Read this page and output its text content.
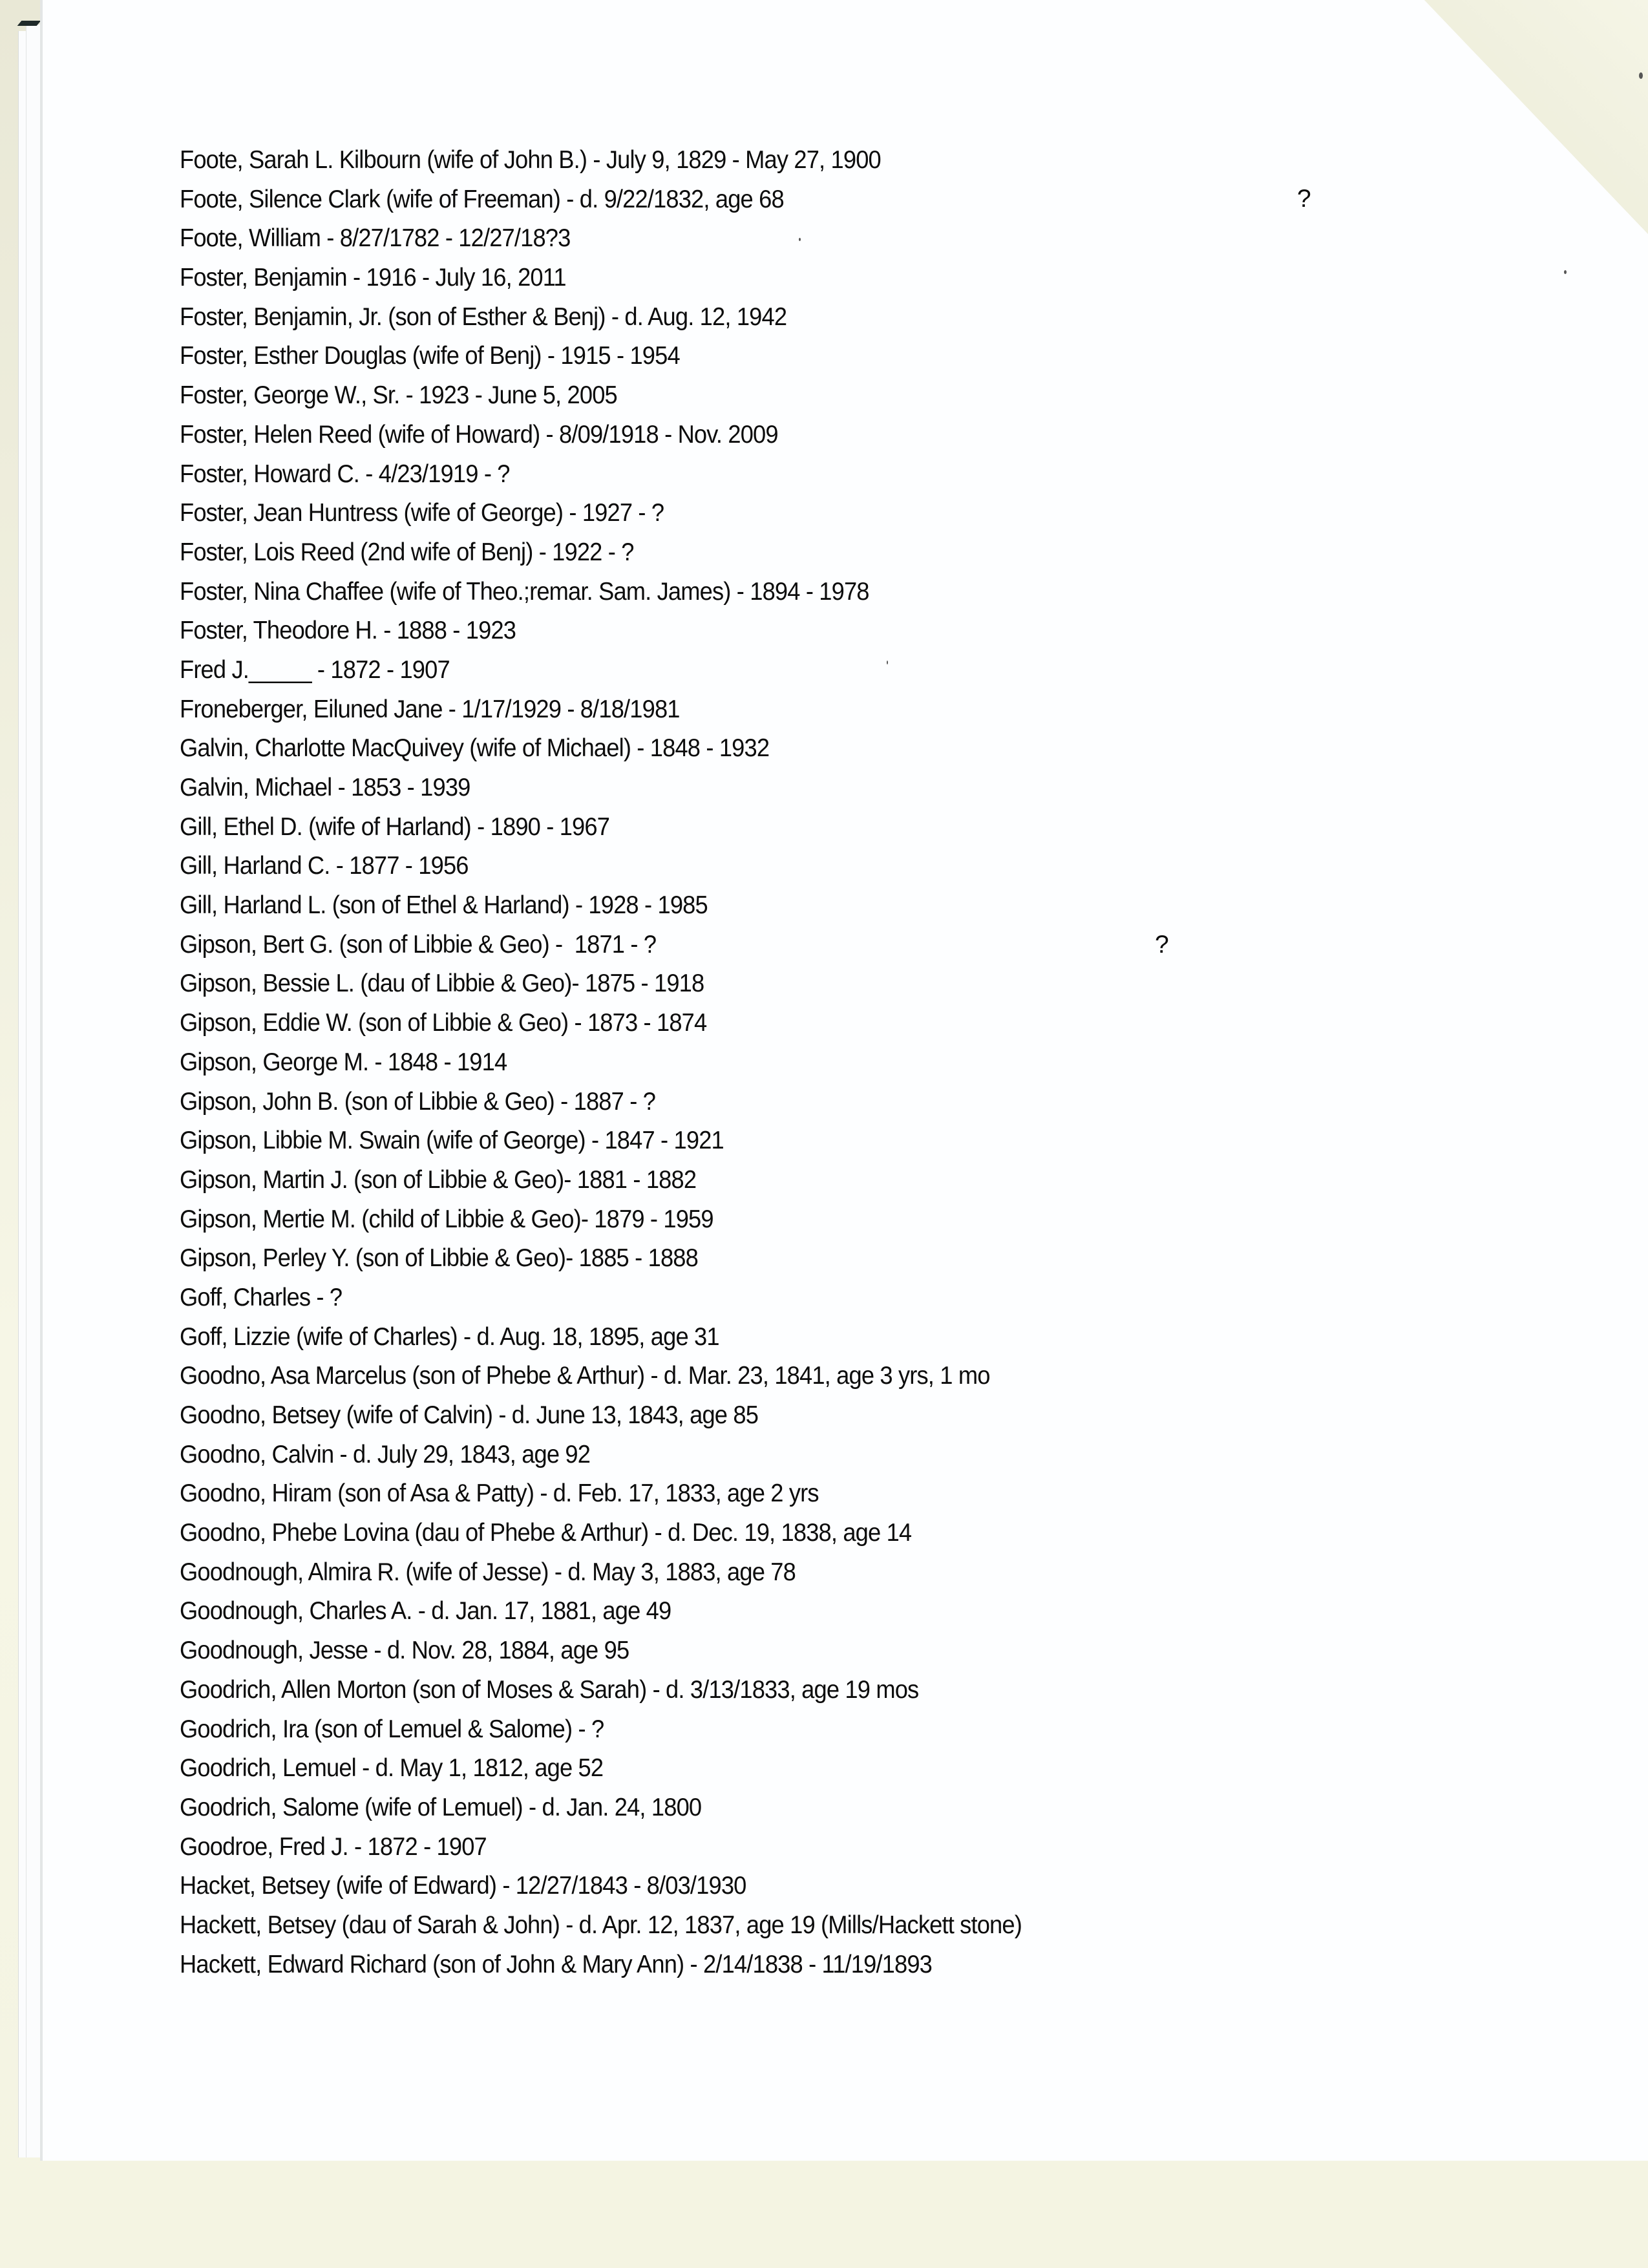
Foote, Sarah L. Kilbourn (wife of John B.) - July 9, 1829 - May 27, 1900
Foote, Silence Clark (wife of Freeman) - d. 9/22/1832, age 68
Foote, William - 8/27/1782 - 12/27/18?3
Foster, Benjamin - 1916 - July 16, 2011
Foster, Benjamin, Jr. (son of Esther & Benj) - d. Aug. 12, 1942
Foster, Esther Douglas (wife of Benj) - 1915 - 1954
Foster, George W., Sr. - 1923 - June 5, 2005
Foster, Helen Reed (wife of Howard) - 8/09/1918 - Nov. 2009
Foster, Howard C. - 4/23/1919 - ?
Foster, Jean Huntress (wife of George) - 1927 - ?
Foster, Lois Reed (2nd wife of Benj) - 1922 - ?
Foster, Nina Chaffee (wife of Theo.;remar. Sam. James) - 1894 - 1978
Foster, Theodore H. - 1888 - 1923
Fred J._____ - 1872 - 1907
Froneberger, Eiluned Jane - 1/17/1929 - 8/18/1981
Galvin, Charlotte MacQuivey (wife of Michael) - 1848 - 1932
Galvin, Michael - 1853 - 1939
Gill, Ethel D. (wife of Harland) - 1890 - 1967
Gill, Harland C. - 1877 - 1956
Gill, Harland L. (son of Ethel & Harland) - 1928 - 1985
Gipson, Bert G. (son of Libbie & Geo) -  1871 - ?
Gipson, Bessie L. (dau of Libbie & Geo)- 1875 - 1918
Gipson, Eddie W. (son of Libbie & Geo) - 1873 - 1874
Gipson, George M. - 1848 - 1914
Gipson, John B. (son of Libbie & Geo) - 1887 - ?
Gipson, Libbie M. Swain (wife of George) - 1847 - 1921
Gipson, Martin J. (son of Libbie & Geo)- 1881 - 1882
Gipson, Mertie M. (child of Libbie & Geo)- 1879 - 1959
Gipson, Perley Y. (son of Libbie & Geo)- 1885 - 1888
Goff, Charles - ?
Goff, Lizzie (wife of Charles) - d. Aug. 18, 1895, age 31
Goodno, Asa Marcelus (son of Phebe & Arthur) - d. Mar. 23, 1841, age 3 yrs, 1 mo
Goodno, Betsey (wife of Calvin) - d. June 13, 1843, age 85
Goodno, Calvin - d. July 29, 1843, age 92
Goodno, Hiram (son of Asa & Patty) - d. Feb. 17, 1833, age 2 yrs
Goodno, Phebe Lovina (dau of Phebe & Arthur) - d. Dec. 19, 1838, age 14
Goodnough, Almira R. (wife of Jesse) - d. May 3, 1883, age 78
Goodnough, Charles A. - d. Jan. 17, 1881, age 49
Goodnough, Jesse - d. Nov. 28, 1884, age 95
Goodrich, Allen Morton (son of Moses & Sarah) - d. 3/13/1833, age 19 mos
Goodrich, Ira (son of Lemuel & Salome) - ?
Goodrich, Lemuel - d. May 1, 1812, age 52
Goodrich, Salome (wife of Lemuel) - d. Jan. 24, 1800
Goodroe, Fred J. - 1872 - 1907
Hacket, Betsey (wife of Edward) - 12/27/1843 - 8/03/1930
Hackett, Betsey (dau of Sarah & John) - d. Apr. 12, 1837, age 19 (Mills/Hackett stone)
Hackett, Edward Richard (son of John & Mary Ann) - 2/14/1838 - 11/19/1893
?
?
